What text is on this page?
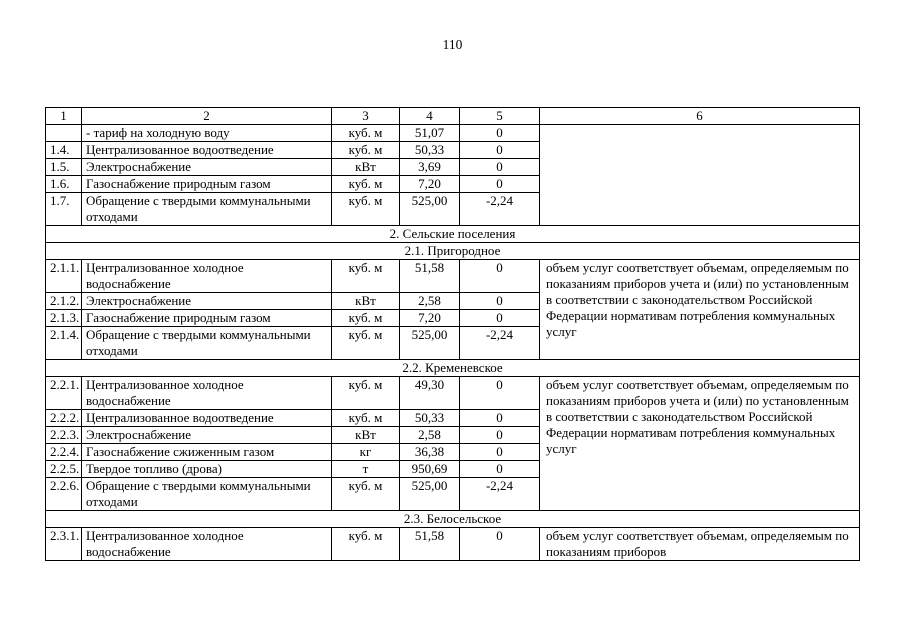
110
1	2	3	4	5	6
	- тариф на холодную воду	куб. м	51,07	0	
1.4.	Централизованное водоотведение	куб. м	50,33	0	
1.5.	Электроснабжение	кВт	3,69	0	
1.6.	Газоснабжение природным газом	куб. м	7,20	0	
1.7.	Обращение с твердыми коммунальными отходами	куб. м	525,00	-2,24	
2. Сельские поселения					
2.1. Пригородное					
2.1.1.	Централизованное холодное водоснабжение	куб. м	51,58	0	объем услуг соответствует объемам, определяемым по показаниям приборов учета и (или) по установленным в соответствии с законодательством Российской Федерации нормативам потребления коммунальных услуг
2.1.2.	Электроснабжение	кВт	2,58	0	
2.1.3.	Газоснабжение природным газом	куб. м	7,20	0	
2.1.4.	Обращение с твердыми коммунальными отходами	куб. м	525,00	-2,24	
2.2. Кременевское					
2.2.1.	Централизованное холодное водоснабжение	куб. м	49,30	0	объем услуг соответствует объемам, определяемым по показаниям приборов учета и (или) по установленным в соответствии с законодательством Российской Федерации нормативам потребления коммунальных услуг
2.2.2.	Централизованное водоотведение	куб. м	50,33	0	
2.2.3.	Электроснабжение	кВт	2,58	0	
2.2.4.	Газоснабжение сжиженным газом	кг	36,38	0	
2.2.5.	Твердое топливо (дрова)	т	950,69	0	
2.2.6.	Обращение с твердыми коммунальными отходами	куб. м	525,00	-2,24	
2.3. Белосельское					
2.3.1.	Централизованное холодное водоснабжение	куб. м	51,58	0	объем услуг соответствует объемам, определяемым по показаниям приборов
